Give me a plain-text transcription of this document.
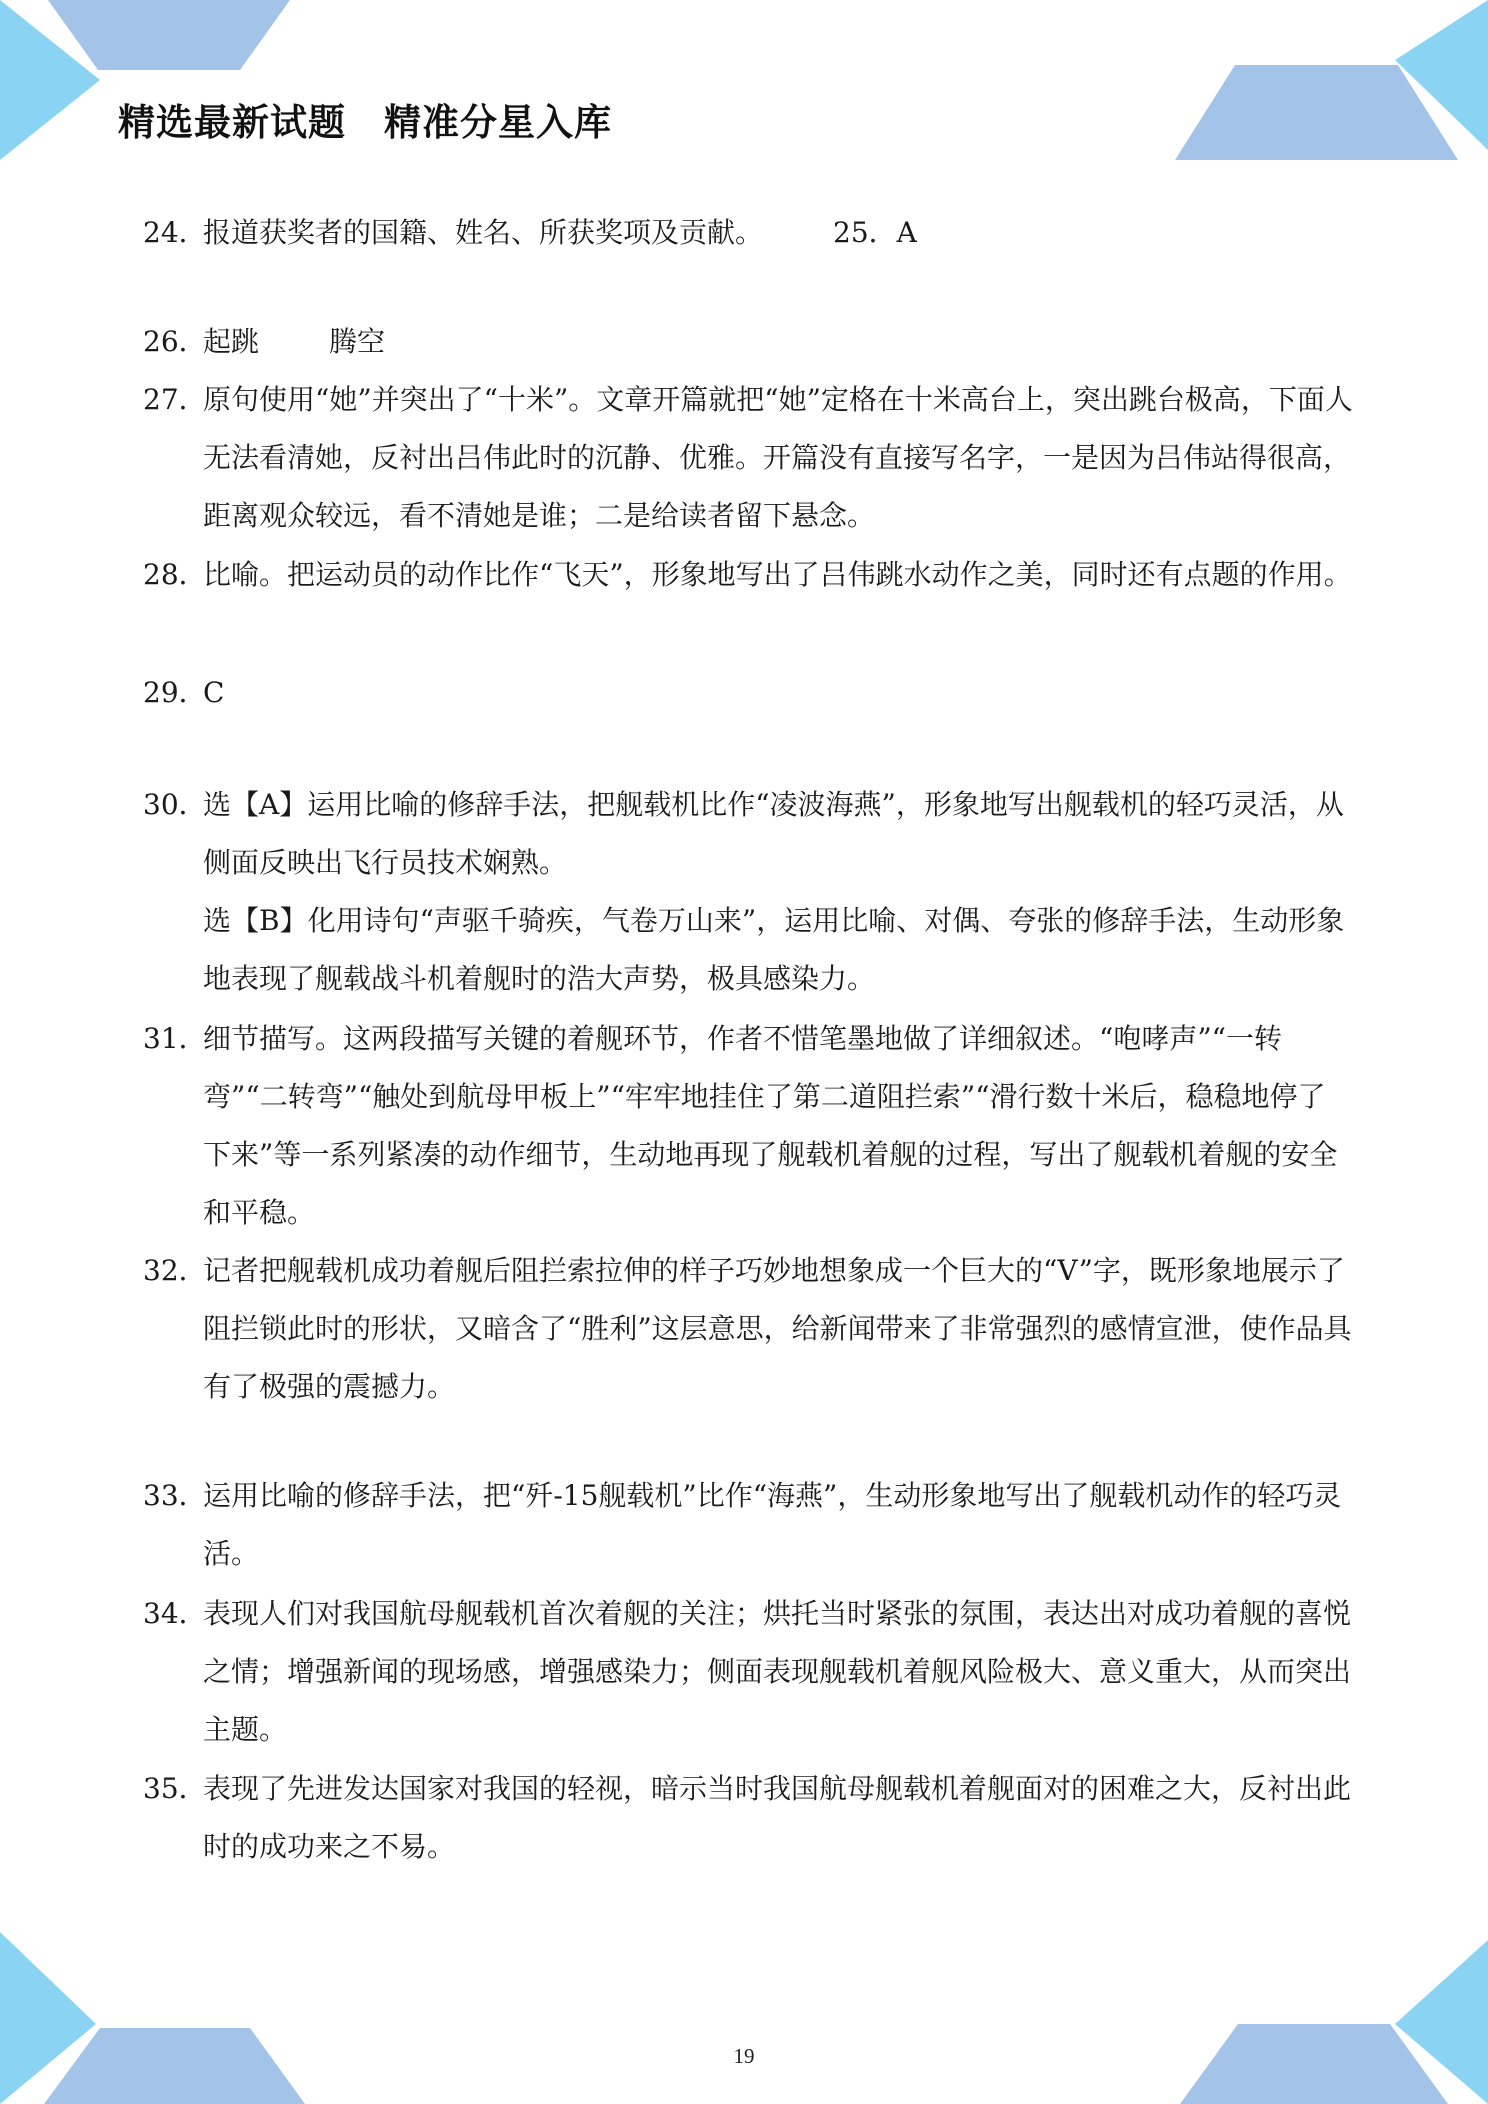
精选最新试题　精准分星入库
24．

报道获奖者的国籍、姓名、所获奖项及贡献。	25．A

26．

起跳	腾空

27．

原句使用“她”并突出了“十米”。文章开篇就把“她”定格在十米高台上，突出跳台极高，下面人无法看清她，反衬出吕伟此时的沉静、优雅。开篇没有直接写名字，一是因为吕伟站得很高，距离观众较远，看不清她是谁；二是给读者留下悬念。

28．

比喻。把运动员的动作比作“飞天”，形象地写出了吕伟跳水动作之美，同时还有点题的作用。

29．

C

30．

选【A】运用比喻的修辞手法，把舰载机比作“凌波海燕”，形象地写出舰载机的轻巧灵活，从侧面反映出飞行员技术娴熟。

选【B】化用诗句“声驱千骑疾，气卷万山来”，运用比喻、对偶、夸张的修辞手法，生动形象地表现了舰载战斗机着舰时的浩大声势，极具感染力。

31．

细节描写。这两段描写关键的着舰环节，作者不惜笔墨地做了详细叙述。“咆哮声”“一转弯”“二转弯”“触处到航母甲板上”“牢牢地挂住了第二道阻拦索”“滑行数十米后，稳稳地停了下来”等一系列紧凑的动作细节，生动地再现了舰载机着舰的过程，写出了舰载机着舰的安全和平稳。

32．

记者把舰载机成功着舰后阻拦索拉伸的样子巧妙地想象成一个巨大的“V”字，既形象地展示了阻拦锁此时的形状，又暗含了“胜利”这层意思，给新闻带来了非常强烈的感情宣泄，使作品具有了极强的震撼力。

33．

运用比喻的修辞手法，把“歼-15舰载机”比作“海燕”，生动形象地写出了舰载机动作的轻巧灵活。

34．

表现人们对我国航母舰载机首次着舰的关注；烘托当时紧张的氛围，表达出对成功着舰的喜悦之情；增强新闻的现场感，增强感染力；侧面表现舰载机着舰风险极大、意义重大，从而突出主题。

35．

表现了先进发达国家对我国的轻视，暗示当时我国航母舰载机着舰面对的困难之大，反衬出此时的成功来之不易。

19
